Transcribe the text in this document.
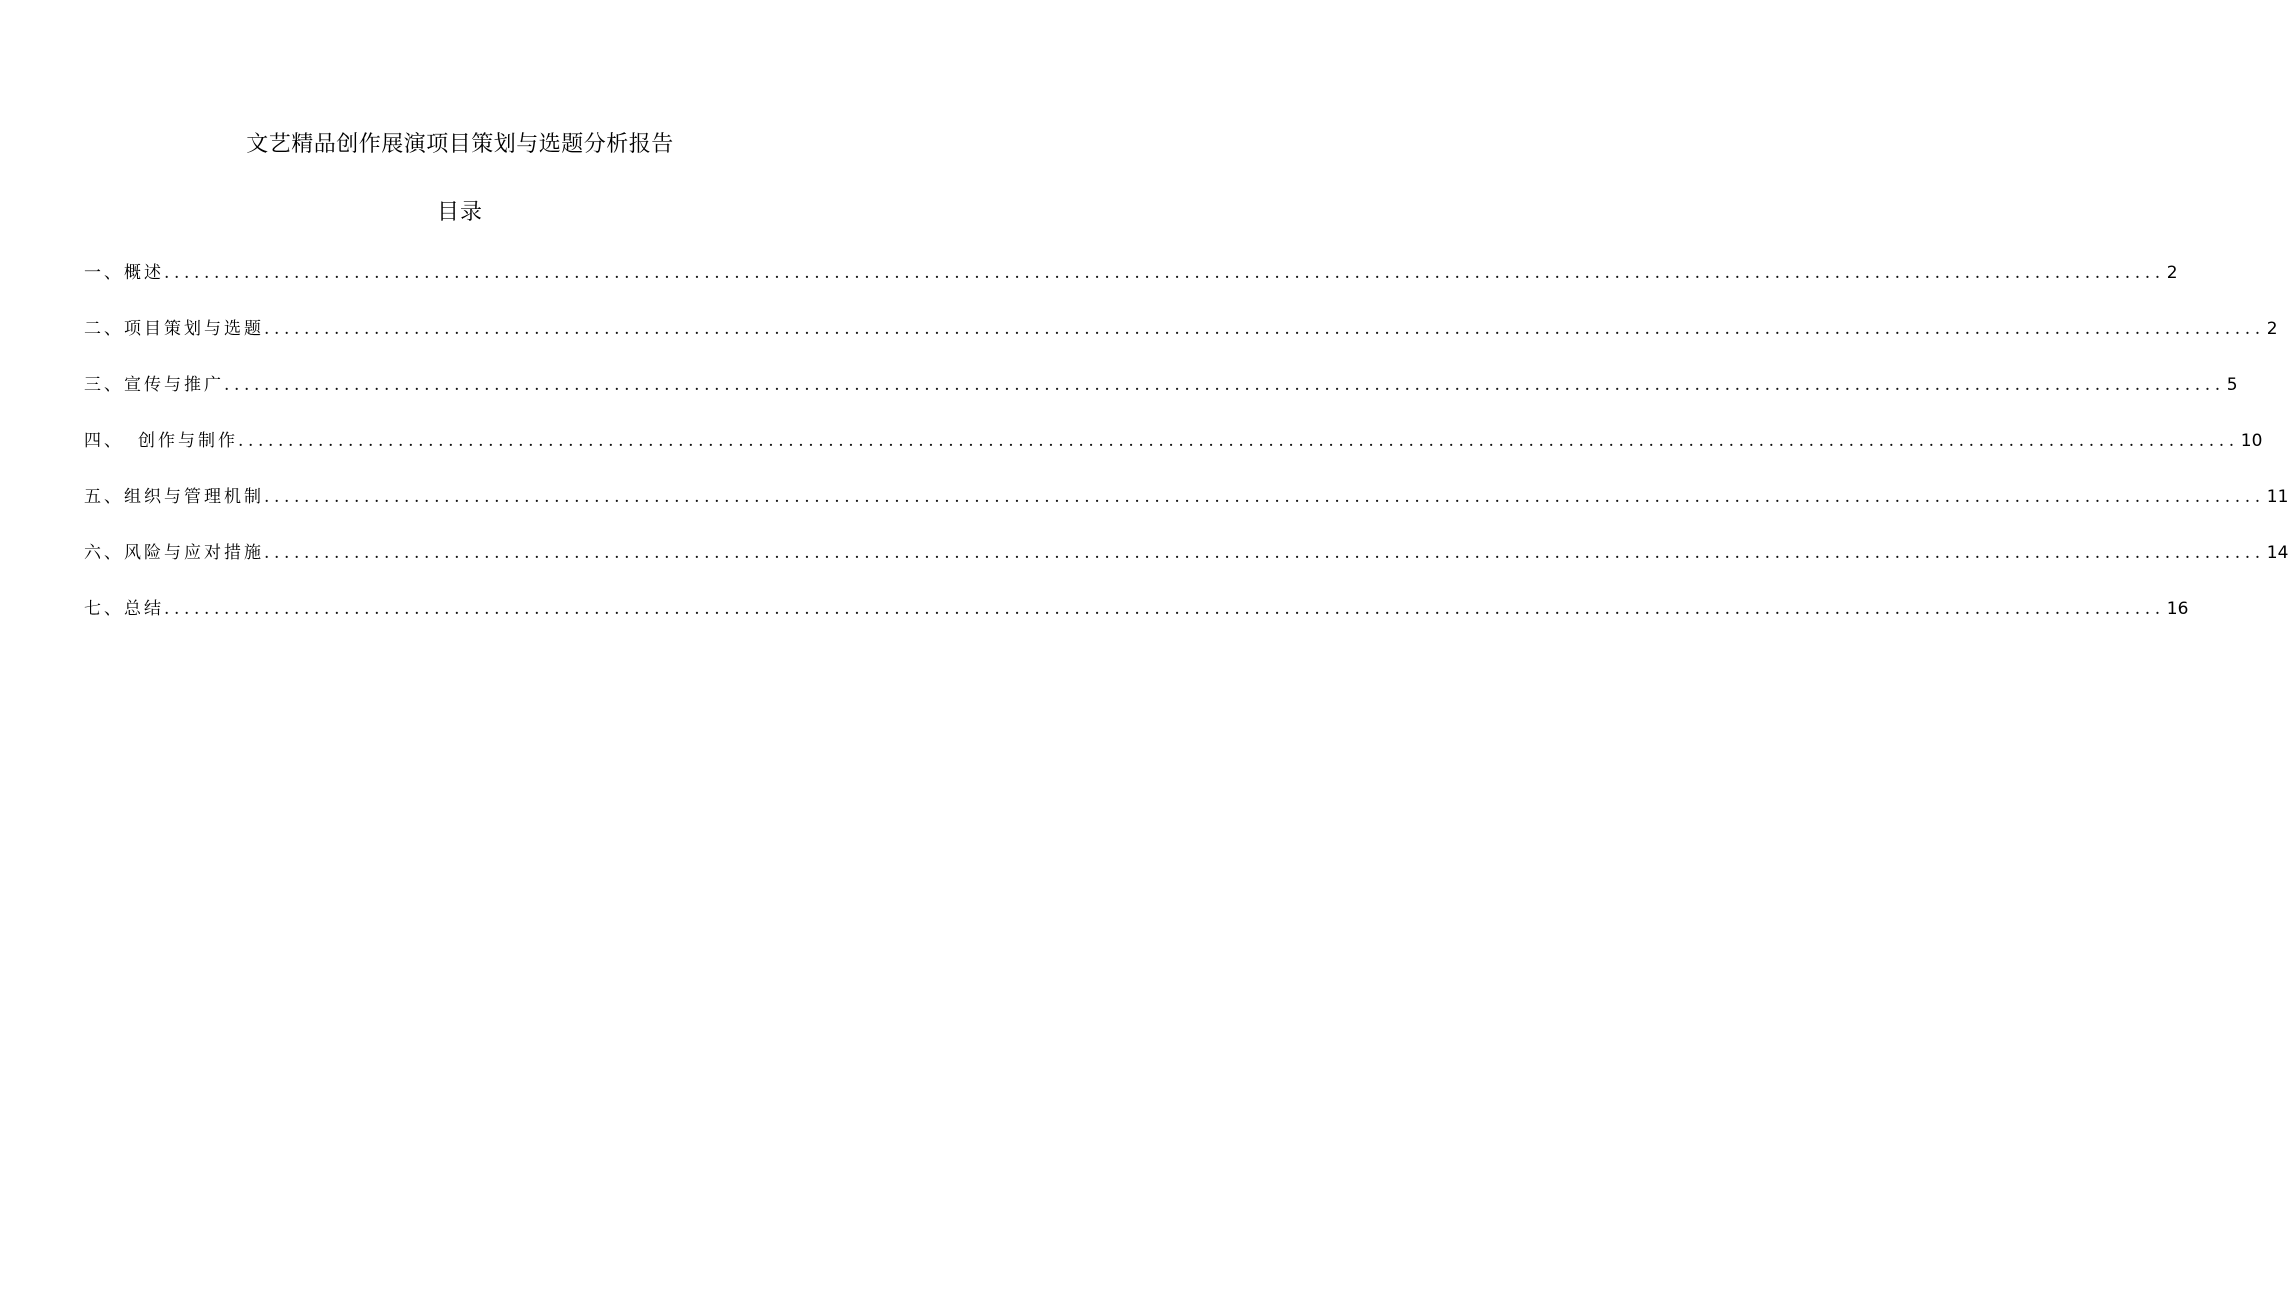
文艺精品创作展演项目策划与选题分析报告
目录
一、概述 ........................................................................................................................................................................................................ 2
二、项目策划与选题 ........................................................................................................................................................................................................ 2
三、宣传与推广 ........................................................................................................................................................................................................ 5
四、 创作与制作 ........................................................................................................................................................................................................ 10
五、组织与管理机制 ........................................................................................................................................................................................................ 11
六、风险与应对措施 ........................................................................................................................................................................................................ 14
七、总结 ........................................................................................................................................................................................................ 16
